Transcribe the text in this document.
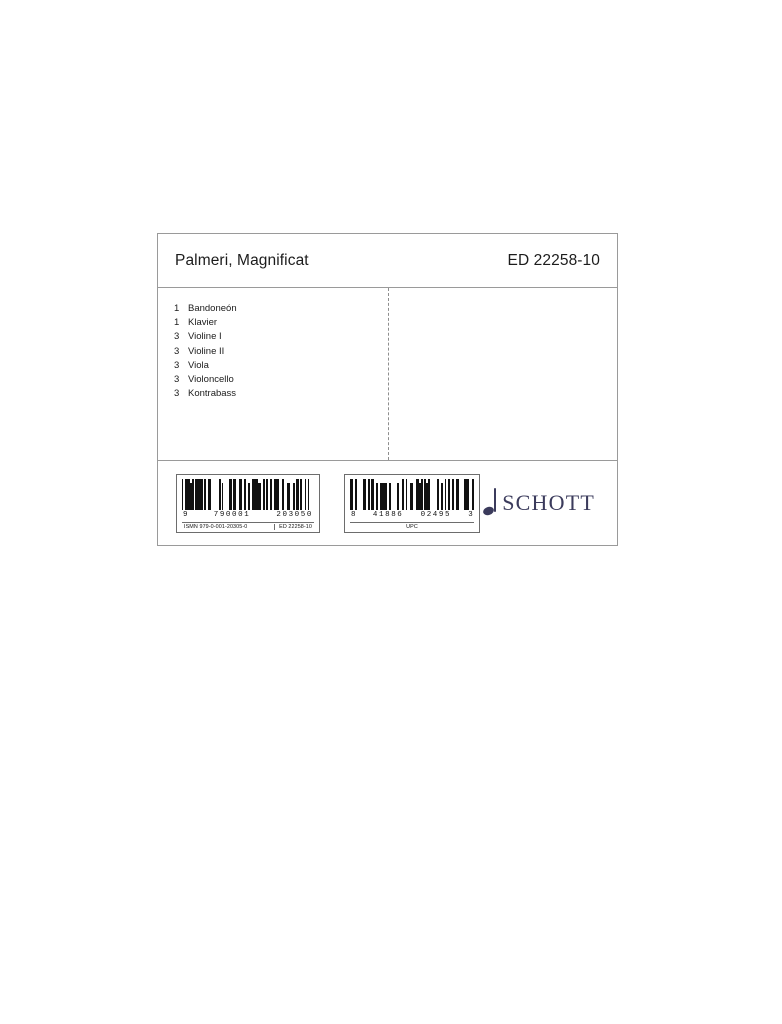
Palmeri, Magnificat	ED 22258-10
1 Bandoneón
1 Klavier
3 Violine I
3 Violine II
3 Viola
3 Violoncello
3 Kontrabass
9	790001	203050
ISMN 979-0-001-20305-0	ED 22258-10
8 41886 02495 3
UPC
SCHOTT
